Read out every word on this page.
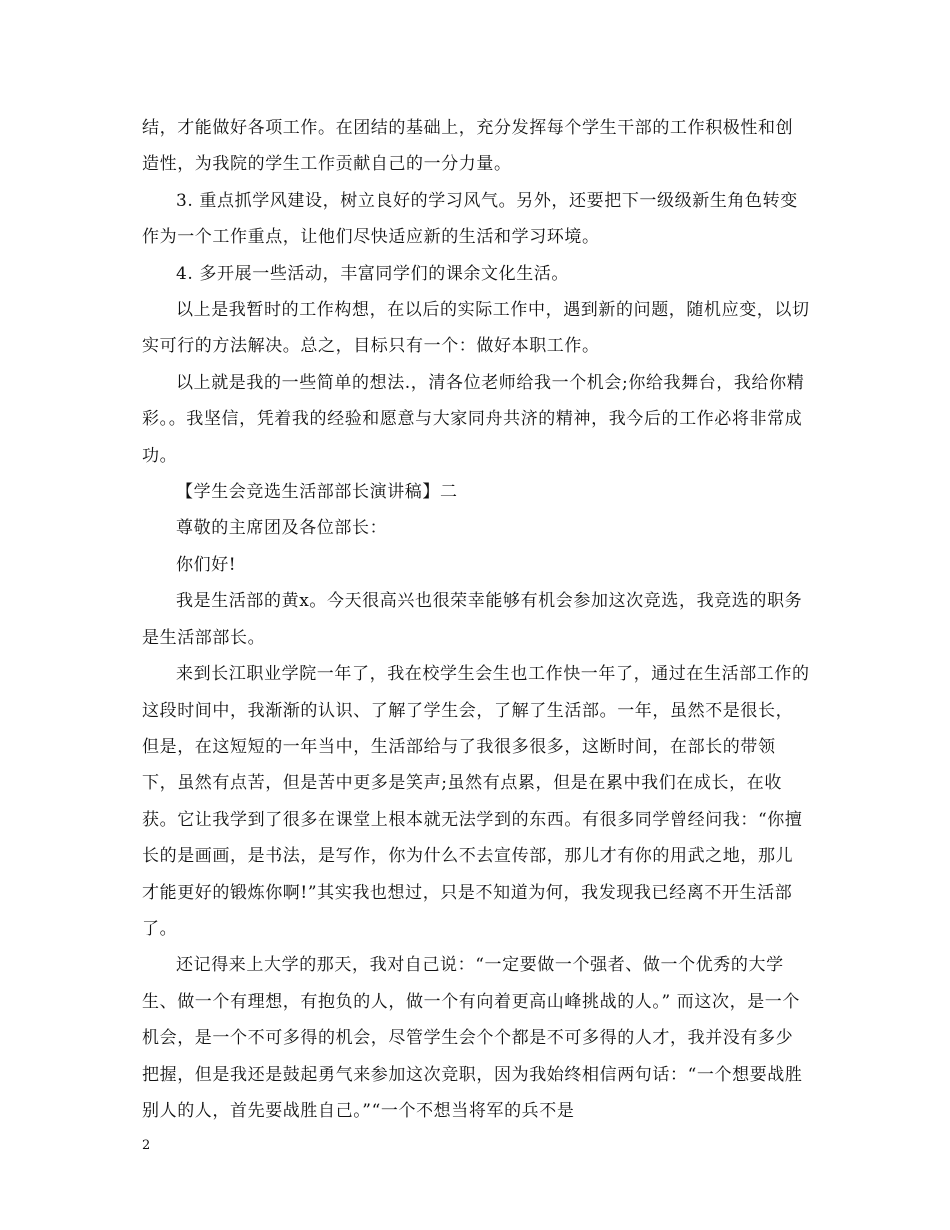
结，才能做好各项工作。在团结的基础上，充分发挥每个学生干部的工作积极性和创造性，为我院的学生工作贡献自己的一分力量。

3. 重点抓学风建设，树立良好的学习风气。另外，还要把下一级级新生角色转变作为一个工作重点，让他们尽快适应新的生活和学习环境。

4. 多开展一些活动，丰富同学们的课余文化生活。

以上是我暂时的工作构想，在以后的实际工作中，遇到新的问题，随机应变，以切实可行的方法解决。总之，目标只有一个：做好本职工作。

以上就是我的一些简单的想法.，清各位老师给我一个机会;你给我舞台，我给你精彩。。我坚信，凭着我的经验和愿意与大家同舟共济的精神，我今后的工作必将非常成功。

【学生会竞选生活部部长演讲稿】二

尊敬的主席团及各位部长：

你们好!

我是生活部的黄x。今天很高兴也很荣幸能够有机会参加这次竞选，我竞选的职务是生活部部长。

来到长江职业学院一年了，我在校学生会生也工作快一年了，通过在生活部工作的这段时间中，我渐渐的认识、了解了学生会，了解了生活部。一年，虽然不是很长，但是，在这短短的一年当中，生活部给与了我很多很多，这断时间，在部长的带领下，虽然有点苦，但是苦中更多是笑声;虽然有点累，但是在累中我们在成长，在收获。它让我学到了很多在课堂上根本就无法学到的东西。有很多同学曾经问我：“你擅长的是画画，是书法，是写作，你为什么不去宣传部，那儿才有你的用武之地，那儿才能更好的锻炼你啊!”其实我也想过，只是不知道为何，我发现我已经离不开生活部了。

还记得来上大学的那天，我对自己说：“一定要做一个强者、做一个优秀的大学生、做一个有理想，有抱负的人，做一个有向着更高山峰挑战的人。” 而这次，是一个机会，是一个不可多得的机会，尽管学生会个个都是不可多得的人才，我并没有多少把握，但是我还是鼓起勇气来参加这次竞职，因为我始终相信两句话：“一个想要战胜别人的人，首先要战胜自己。”“一个不想当将军的兵不是

2
